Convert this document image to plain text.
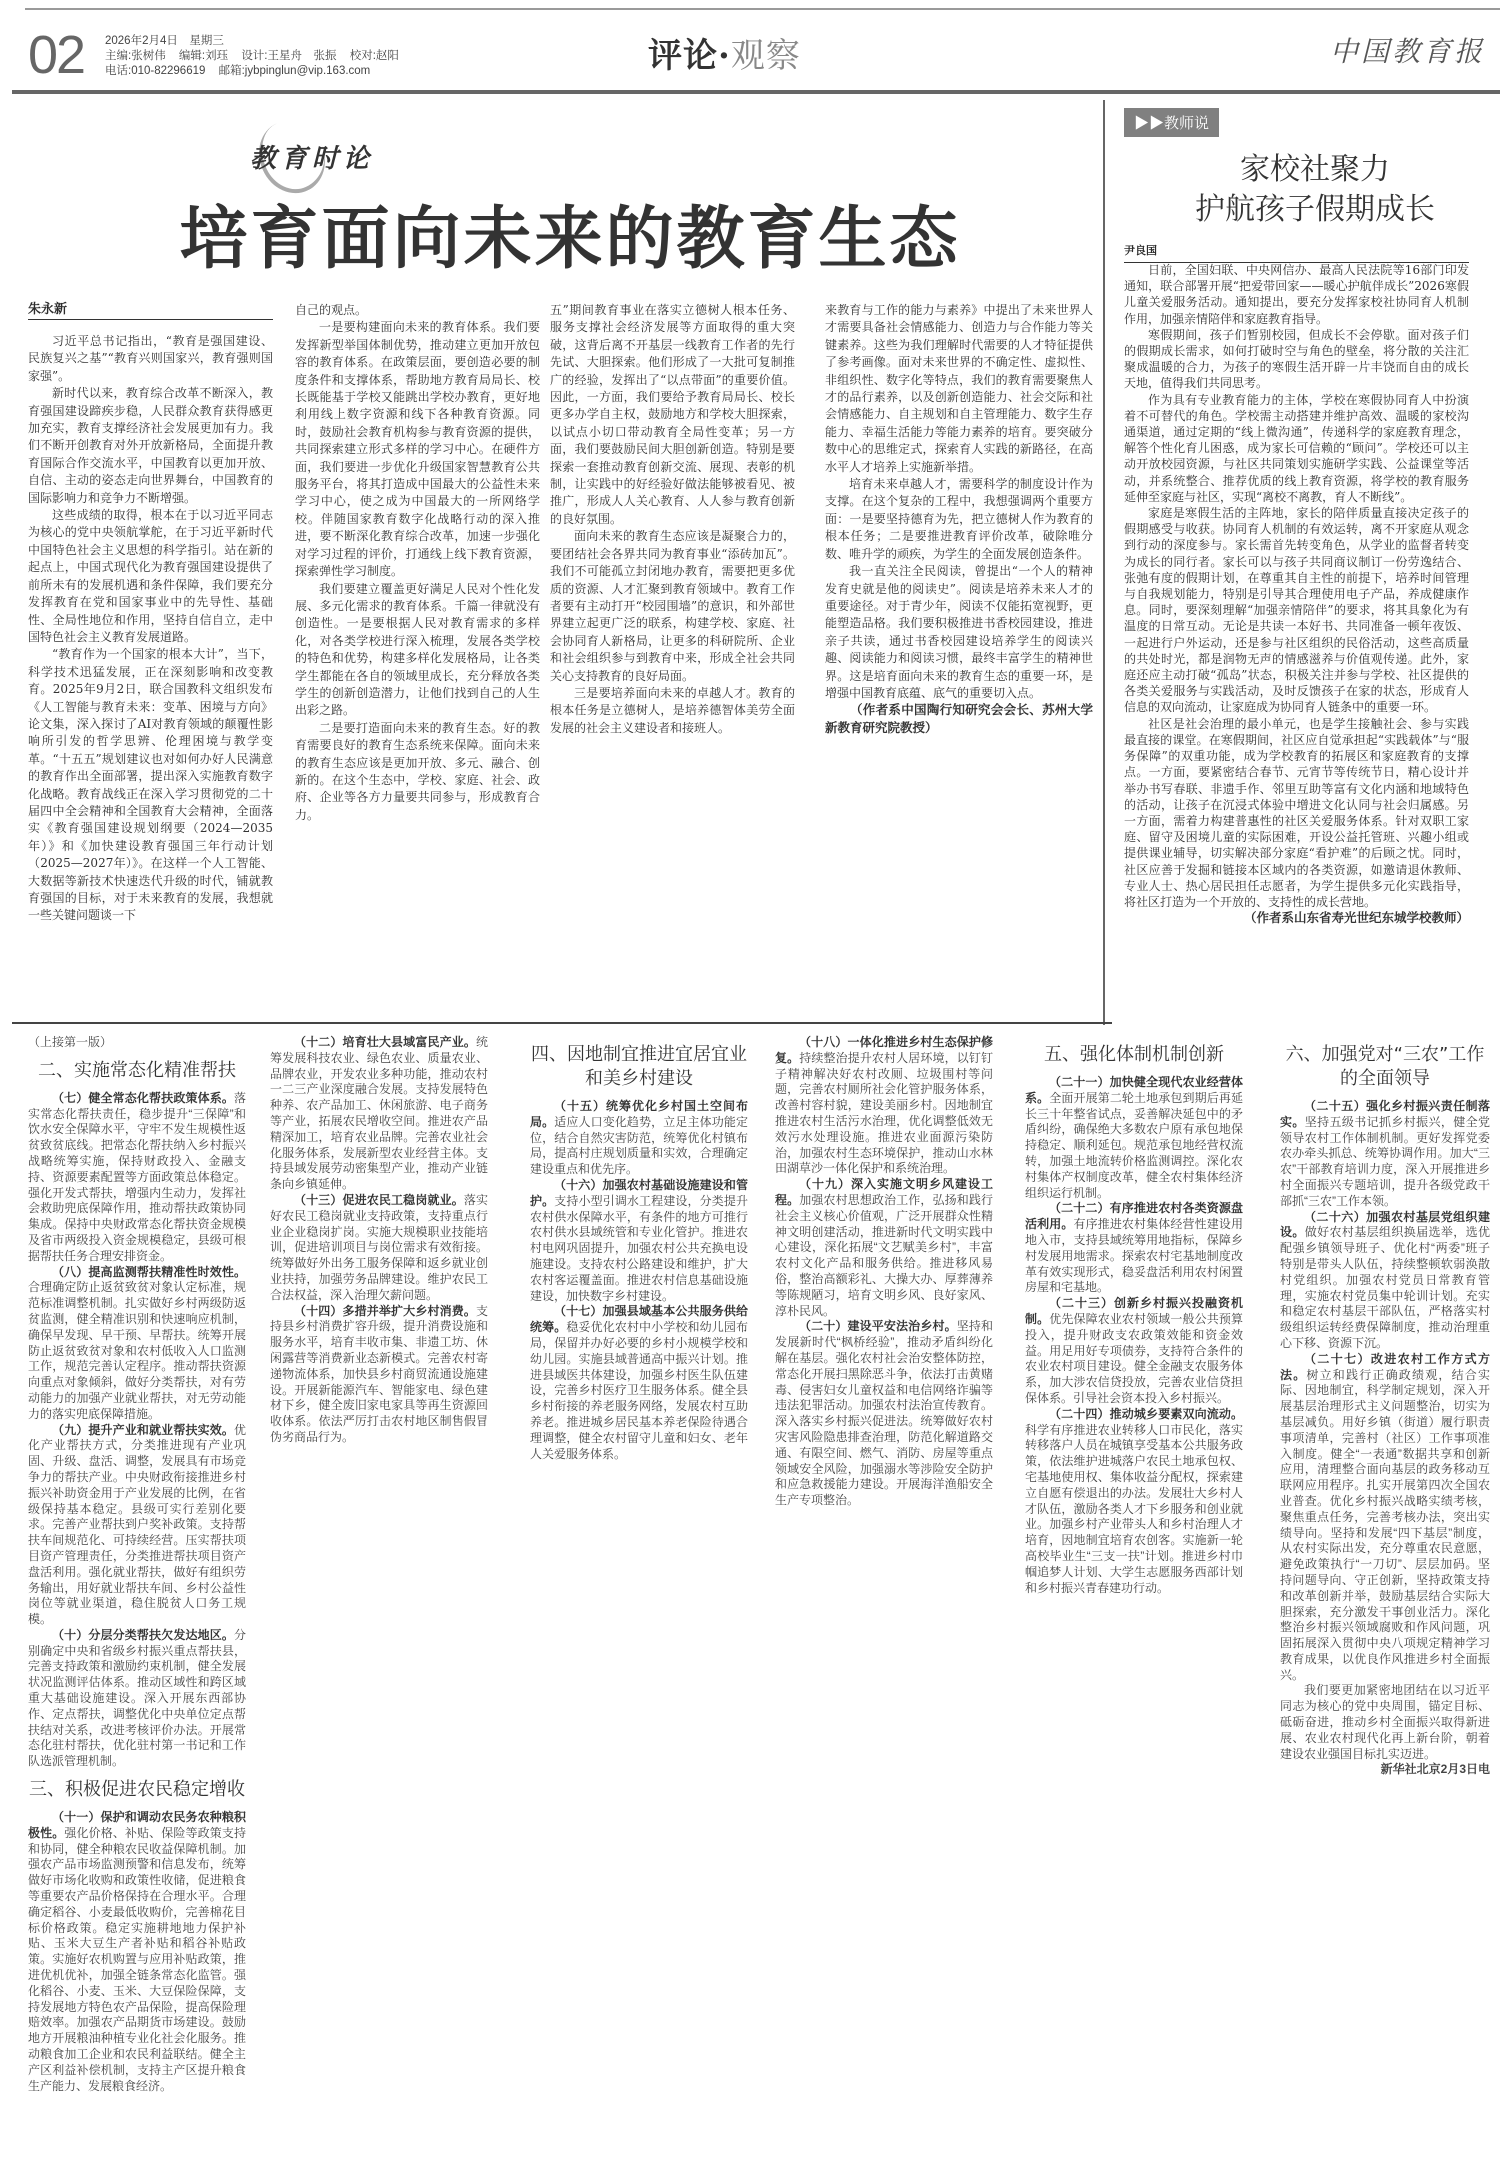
02 2026年2月4日　星期三
主编:张树伟 编辑:刘珏 设计:王星舟　张振 校对:赵阳
电话:010-82296619 邮箱:jybpinglun@vip.163.com	评论·观察	中国教育报
教育时论
培育面向未来的教育生态
朱永新

习近平总书记指出，“教育是强国建设、民族复兴之基”“教育兴则国家兴，教育强则国家强”。

新时代以来，教育综合改革不断深入，教育强国建设蹄疾步稳，人民群众教育获得感更加充实，教育支撑经济社会发展更加有力。我们不断开创教育对外开放新格局，全面提升教育国际合作交流水平，中国教育以更加开放、自信、主动的姿态走向世界舞台，中国教育的国际影响力和竞争力不断增强。

这些成绩的取得，根本在于以习近平同志为核心的党中央领航掌舵，在于习近平新时代中国特色社会主义思想的科学指引。站在新的起点上，中国式现代化为教育强国建设提供了前所未有的发展机遇和条件保障，我们要充分发挥教育在党和国家事业中的先导性、基础性、全局性地位和作用，坚持自信自立，走中国特色社会主义教育发展道路。

“教育作为一个国家的根本大计”，当下，科学技术迅猛发展，正在深刻影响和改变教育。2025年9月2日，联合国教科文组织发布《人工智能与教育未来：变革、困境与方向》论文集，深入探讨了AI对教育领域的颠覆性影响所引发的哲学思辨、伦理困境与教学变革。“十五五”规划建议也对如何办好人民满意的教育作出全面部署，提出深入实施教育数字化战略。教育战线正在深入学习贯彻党的二十届四中全会精神和全国教育大会精神，全面落实《教育强国建设规划纲要（2024—2035年）》和《加快建设教育强国三年行动计划（2025—2027年）》。在这样一个人工智能、大数据等新技术快速迭代升级的时代，铺就教育强国的目标，对于未来教育的发展，我想就一些关键问题谈一下

自己的观点。

一是要构建面向未来的教育体系。我们要发挥新型举国体制优势，推动建立更加开放包容的教育体系。在政策层面，要创造必要的制度条件和支撑体系，帮助地方教育局局长、校长既能基于学校又能跳出学校办教育，更好地利用线上数字资源和线下各种教育资源。同时，鼓励社会教育机构参与教育资源的提供，共同探索建立形式多样的学习中心。在硬件方面，我们要进一步优化升级国家智慧教育公共服务平台，将其打造成中国最大的公益性未来学习中心，使之成为中国最大的一所网络学校。伴随国家教育数字化战略行动的深入推进，要不断深化教育综合改革，加速一步强化对学习过程的评价，打通线上线下教育资源，探索弹性学习制度。

我们要建立覆盖更好满足人民对个性化发展、多元化需求的教育体系。千篇一律就没有创造性。一是要根据人民对教育需求的多样化，对各类学校进行深入梳理，发展各类学校的特色和优势，构建多样化发展格局，让各类学生都能在各自的领域里成长，充分释放各类学生的创新创造潜力，让他们找到自己的人生出彩之路。

二是要打造面向未来的教育生态。好的教育需要良好的教育生态系统来保障。面向未来的教育生态应该是更加开放、多元、融合、创新的。在这个生态中，学校、家庭、社会、政府、企业等各方力量要共同参与，形成教育合力。

五”期间教育事业在落实立德树人根本任务、服务支撑社会经济发展等方面取得的重大突破，这背后离不开基层一线教育工作者的先行先试、大胆探索。他们形成了一大批可复制推广的经验，发挥出了“以点带面”的重要价值。因此，一方面，我们要给予教育局局长、校长更多办学自主权，鼓励地方和学校大胆探索，以试点小切口带动教育全局性变革；另一方面，我们要鼓励民间大胆创新创造。特别是要探索一套推动教育创新交流、展现、表彰的机制，让实践中的好经验好做法能够被看见、被推广，形成人人关心教育、人人参与教育创新的良好氛围。

面向未来的教育生态应该是凝聚合力的，要团结社会各界共同为教育事业“添砖加瓦”。我们不可能孤立封闭地办教育，需要把更多优质的资源、人才汇聚到教育领域中。教育工作者要有主动打开“校园围墙”的意识，和外部世界建立起更广泛的联系，构建学校、家庭、社会协同育人新格局，让更多的科研院所、企业和社会组织参与到教育中来，形成全社会共同关心支持教育的良好局面。

三是要培养面向未来的卓越人才。教育的根本任务是立德树人，是培养德智体美劳全面发展的社会主义建设者和接班人。

来教育与工作的能力与素养》中提出了未来世界人才需要具备社会情感能力、创造力与合作能力等关键素养。这些为我们理解时代需要的人才特征提供了参考画像。面对未来世界的不确定性、虚拟性、非组织性、数字化等特点，我们的教育需要聚焦人才的品行素养，以及创新创造能力、社会交际和社会情感能力、自主规划和自主管理能力、数字生存能力、幸福生活能力等能力素养的培育。要突破分数中心的思维定式，探索育人实践的新路径，在高水平人才培养上实施新举措。

培育未来卓越人才，需要科学的制度设计作为支撑。在这个复杂的工程中，我想强调两个重要方面：一是要坚持德育为先，把立德树人作为教育的根本任务；二是要推进教育评价改革，破除唯分数、唯升学的顽疾，为学生的全面发展创造条件。

我一直关注全民阅读，曾提出“一个人的精神发育史就是他的阅读史”。阅读是培养未来人才的重要途径。对于青少年，阅读不仅能拓宽视野，更能塑造品格。我们要积极推进书香校园建设，推进亲子共读，通过书香校园建设培养学生的阅读兴趣、阅读能力和阅读习惯，最终丰富学生的精神世界。这是培育面向未来的教育生态的重要一环，是增强中国教育底蕴、底气的重要切入点。

（作者系中国陶行知研究会会长、苏州大学新教育研究院教授）

▶▶教师说
家校社聚力
护航孩子假期成长
尹良国

日前，全国妇联、中央网信办、最高人民法院等16部门印发通知，联合部署开展“把爱带回家——暖心护航伴成长”2026寒假儿童关爱服务活动。通知提出，要充分发挥家校社协同育人机制作用，加强亲情陪伴和家庭教育指导。

寒假期间，孩子们暂别校园，但成长不会停歇。面对孩子们的假期成长需求，如何打破时空与角色的壁垒，将分散的关注汇聚成温暖的合力，为孩子的寒假生活开辟一片丰饶而自由的成长天地，值得我们共同思考。

作为具有专业教育能力的主体，学校在寒假协同育人中扮演着不可替代的角色。学校需主动搭建并维护高效、温暖的家校沟通渠道，通过定期的“线上微沟通”，传递科学的家庭教育理念，解答个性化育儿困惑，成为家长可信赖的“顾问”。学校还可以主动开放校园资源，与社区共同策划实施研学实践、公益课堂等活动，并系统整合、推荐优质的线上教育资源，将学校的教育服务延伸至家庭与社区，实现“离校不离教，育人不断线”。

家庭是寒假生活的主阵地，家长的陪伴质量直接决定孩子的假期感受与收获。协同育人机制的有效运转，离不开家庭从观念到行动的深度参与。家长需首先转变角色，从学业的监督者转变为成长的同行者。家长可以与孩子共同商议制订一份劳逸结合、张弛有度的假期计划，在尊重其自主性的前提下，培养时间管理与自我规划能力，特别是引导其合理使用电子产品，养成健康作息。同时，要深刻理解“加强亲情陪伴”的要求，将其具象化为有温度的日常互动。无论是共读一本好书、共同准备一顿年夜饭、一起进行户外运动，还是参与社区组织的民俗活动，这些高质量的共处时光，都是润物无声的情感滋养与价值观传递。此外，家庭还应主动打破“孤岛”状态，积极关注并参与学校、社区提供的各类关爱服务与实践活动，及时反馈孩子在家的状态，形成育人信息的双向流动，让家庭成为协同育人链条中的重要一环。

社区是社会治理的最小单元，也是学生接触社会、参与实践最直接的课堂。在寒假期间，社区应自觉承担起“实践载体”与“服务保障”的双重功能，成为学校教育的拓展区和家庭教育的支撑点。一方面，要紧密结合春节、元宵节等传统节日，精心设计并举办书写春联、非遗手作、邻里互助等富有文化内涵和地域特色的活动，让孩子在沉浸式体验中增进文化认同与社会归属感。另一方面，需着力构建普惠性的社区关爱服务体系。针对双职工家庭、留守及困境儿童的实际困难，开设公益托管班、兴趣小组或提供课业辅导，切实解决部分家庭“看护难”的后顾之忧。同时，社区应善于发掘和链接本区域内的各类资源，如邀请退休教师、专业人士、热心居民担任志愿者，为学生提供多元化实践指导，将社区打造为一个开放的、支持性的成长营地。

（作者系山东省寿光世纪东城学校教师）

（上接第一版）

二、实施常态化精准帮扶

（七）健全常态化帮扶政策体系。落实常态化帮扶责任，稳步提升“三保障”和饮水安全保障水平，守牢不发生规模性返贫致贫底线。把常态化帮扶纳入乡村振兴战略统筹实施，保持财政投入、金融支持、资源要素配置等方面政策总体稳定。强化开发式帮扶，增强内生动力，发挥社会救助兜底保障作用，推动帮扶政策协同集成。保持中央财政常态化帮扶资金规模及省市两级投入资金规模稳定，县级可根据帮扶任务合理安排资金。

（八）提高监测帮扶精准性时效性。合理确定防止返贫致贫对象认定标准，规范标准调整机制。扎实做好乡村两级防返贫监测，健全精准识别和快速响应机制，确保早发现、早干预、早帮扶。统筹开展防止返贫致贫对象和农村低收入人口监测工作，规范完善认定程序。推动帮扶资源向重点对象倾斜，做好分类帮扶，对有劳动能力的加强产业就业帮扶，对无劳动能力的落实兜底保障措施。

（九）提升产业和就业帮扶实效。优化产业帮扶方式，分类推进现有产业巩固、升级、盘活、调整，发展具有市场竞争力的帮扶产业。中央财政衔接推进乡村振兴补助资金用于产业发展的比例，在省级保持基本稳定。县级可实行差别化要求。完善产业帮扶到户奖补政策。支持帮扶车间规范化、可持续经营。压实帮扶项目资产管理责任，分类推进帮扶项目资产盘活利用。强化就业帮扶，做好有组织劳务输出，用好就业帮扶车间、乡村公益性岗位等就业渠道，稳住脱贫人口务工规模。

（十）分层分类帮扶欠发达地区。分别确定中央和省级乡村振兴重点帮扶县，完善支持政策和激励约束机制，健全发展状况监测评估体系。推动区域性和跨区域重大基础设施建设。深入开展东西部协作、定点帮扶，调整优化中央单位定点帮扶结对关系，改进考核评价办法。开展常态化驻村帮扶，优化驻村第一书记和工作队选派管理机制。

三、积极促进农民稳定增收

（十一）保护和调动农民务农种粮积极性。强化价格、补贴、保险等政策支持和协同，健全种粮农民收益保障机制。加强农产品市场监测预警和信息发布，统筹做好市场化收购和政策性收储，促进粮食等重要农产品价格保持在合理水平。合理确定稻谷、小麦最低收购价，完善棉花目标价格政策。稳定实施耕地地力保护补贴、玉米大豆生产者补贴和稻谷补贴政策。实施好农机购置与应用补贴政策，推进优机优补，加强全链条常态化监管。强化稻谷、小麦、玉米、大豆保险保障，支持发展地方特色农产品保险，提高保险理赔效率。加强农产品期货市场建设。鼓励地方开展粮油种植专业化社会化服务。推动粮食加工企业和农民利益联结。健全主产区利益补偿机制，支持主产区提升粮食生产能力、发展粮食经济。

（十二）培育壮大县域富民产业。统筹发展科技农业、绿色农业、质量农业、品牌农业，开发农业多种功能，推动农村一二三产业深度融合发展。支持发展特色种养、农产品加工、休闲旅游、电子商务等产业，拓展农民增收空间。推进农产品精深加工，培育农业品牌。完善农业社会化服务体系，发展新型农业经营主体。支持县域发展劳动密集型产业，推动产业链条向乡镇延伸。

（十三）促进农民工稳岗就业。落实好农民工稳岗就业支持政策，支持重点行业企业稳岗扩岗。实施大规模职业技能培训，促进培训项目与岗位需求有效衔接。统筹做好外出务工服务保障和返乡就业创业扶持，加强劳务品牌建设。维护农民工合法权益，深入治理欠薪问题。

（十四）多措并举扩大乡村消费。支持县乡村消费扩容升级，提升消费设施和服务水平，培育丰收市集、非遗工坊、休闲露营等消费新业态新模式。完善农村寄递物流体系，加快县乡村商贸流通设施建设。开展新能源汽车、智能家电、绿色建材下乡，健全废旧家电家具等再生资源回收体系。依法严厉打击农村地区制售假冒伪劣商品行为。

四、因地制宜推进宜居宜业和美乡村建设

（十五）统筹优化乡村国土空间布局。适应人口变化趋势，立足主体功能定位，结合自然灾害防范，统筹优化村镇布局，提高村庄规划质量和实效，合理确定建设重点和优先序。

（十六）加强农村基础设施建设和管护。支持小型引调水工程建设，分类提升农村供水保障水平，有条件的地方可推行农村供水县域统管和专业化管护。推进农村电网巩固提升，加强农村公共充换电设施建设。支持农村公路建设和维护，扩大农村客运覆盖面。推进农村信息基础设施建设，加快数字乡村建设。

（十七）加强县域基本公共服务供给统筹。稳妥优化农村中小学校和幼儿园布局，保留并办好必要的乡村小规模学校和幼儿园。实施县域普通高中振兴计划。推进县域医共体建设，加强乡村医生队伍建设，完善乡村医疗卫生服务体系。健全县乡村衔接的养老服务网络，发展农村互助养老。推进城乡居民基本养老保险待遇合理调整，健全农村留守儿童和妇女、老年人关爱服务体系。

（十八）一体化推进乡村生态保护修复。持续整治提升农村人居环境，以钉钉子精神解决好农村改厕、垃圾围村等问题，完善农村厕所社会化管护服务体系，改善村容村貌，建设美丽乡村。因地制宜推进农村生活污水治理，优化调整低效无效污水处理设施。推进农业面源污染防治，加强农村生态环境保护，推动山水林田湖草沙一体化保护和系统治理。

（十九）深入实施文明乡风建设工程。加强农村思想政治工作，弘扬和践行社会主义核心价值观，广泛开展群众性精神文明创建活动，推进新时代文明实践中心建设，深化拓展“文艺赋美乡村”，丰富农村文化产品和服务供给。推进移风易俗，整治高额彩礼、大操大办、厚葬薄养等陈规陋习，培育文明乡风、良好家风、淳朴民风。

（二十）建设平安法治乡村。坚持和发展新时代“枫桥经验”，推动矛盾纠纷化解在基层。强化农村社会治安整体防控，常态化开展扫黑除恶斗争，依法打击黄赌毒、侵害妇女儿童权益和电信网络诈骗等违法犯罪活动。加强农村法治宣传教育。深入落实乡村振兴促进法。统筹做好农村灾害风险隐患排查治理，防范化解道路交通、有限空间、燃气、消防、房屋等重点领域安全风险，加强溺水等涉险安全防护和应急救援能力建设。开展海洋渔船安全生产专项整治。

五、强化体制机制创新

（二十一）加快健全现代农业经营体系。全面开展第二轮土地承包到期后再延长三十年整省试点，妥善解决延包中的矛盾纠纷，确保绝大多数农户原有承包地保持稳定、顺利延包。规范承包地经营权流转，加强土地流转价格监测调控。深化农村集体产权制度改革，健全农村集体经济组织运行机制。

（二十二）有序推进农村各类资源盘活利用。有序推进农村集体经营性建设用地入市，支持县域统筹用地指标，保障乡村发展用地需求。探索农村宅基地制度改革有效实现形式，稳妥盘活利用农村闲置房屋和宅基地。

（二十三）创新乡村振兴投融资机制。优先保障农业农村领域一般公共预算投入，提升财政支农政策效能和资金效益。用足用好专项债券，支持符合条件的农业农村项目建设。健全金融支农服务体系，加大涉农信贷投放，完善农业信贷担保体系。引导社会资本投入乡村振兴。

（二十四）推动城乡要素双向流动。科学有序推进农业转移人口市民化，落实转移落户人员在城镇享受基本公共服务政策，依法维护进城落户农民土地承包权、宅基地使用权、集体收益分配权，探索建立自愿有偿退出的办法。发展壮大乡村人才队伍，激励各类人才下乡服务和创业就业。加强乡村产业带头人和乡村治理人才培育，因地制宜培育农创客。实施新一轮高校毕业生“三支一扶”计划。推进乡村巾帼追梦人计划、大学生志愿服务西部计划和乡村振兴青春建功行动。

六、加强党对“三农”工作的全面领导

（二十五）强化乡村振兴责任制落实。坚持五级书记抓乡村振兴，健全党领导农村工作体制机制。更好发挥党委农办牵头抓总、统筹协调作用。加大“三农”干部教育培训力度，深入开展推进乡村全面振兴专题培训，提升各级党政干部抓“三农”工作本领。

（二十六）加强农村基层党组织建设。做好农村基层组织换届选举，选优配强乡镇领导班子、优化村“两委”班子特别是带头人队伍，持续整顿软弱涣散村党组织。加强农村党员日常教育管理，实施农村党员集中轮训计划。充实和稳定农村基层干部队伍，严格落实村级组织运转经费保障制度，推动治理重心下移、资源下沉。

（二十七）改进农村工作方式方法。树立和践行正确政绩观，结合实际、因地制宜，科学制定规划，深入开展基层治理形式主义问题整治，切实为基层减负。用好乡镇（街道）履行职责事项清单，完善村（社区）工作事项准入制度。健全“一表通”数据共享和创新应用，清理整合面向基层的政务移动互联网应用程序。扎实开展第四次全国农业普查。优化乡村振兴战略实绩考核，聚焦重点任务，完善考核办法，突出实绩导向。坚持和发展“四下基层”制度，从农村实际出发，充分尊重农民意愿，避免政策执行“一刀切”、层层加码。坚持问题导向、守正创新，坚持政策支持和改革创新并举，鼓励基层结合实际大胆探索，充分激发干事创业活力。深化整治乡村振兴领域腐败和作风问题，巩固拓展深入贯彻中央八项规定精神学习教育成果，以优良作风推进乡村全面振兴。

我们要更加紧密地团结在以习近平同志为核心的党中央周围，锚定目标、砥砺奋进，推动乡村全面振兴取得新进展、农业农村现代化再上新台阶，朝着建设农业强国目标扎实迈进。

新华社北京2月3日电
